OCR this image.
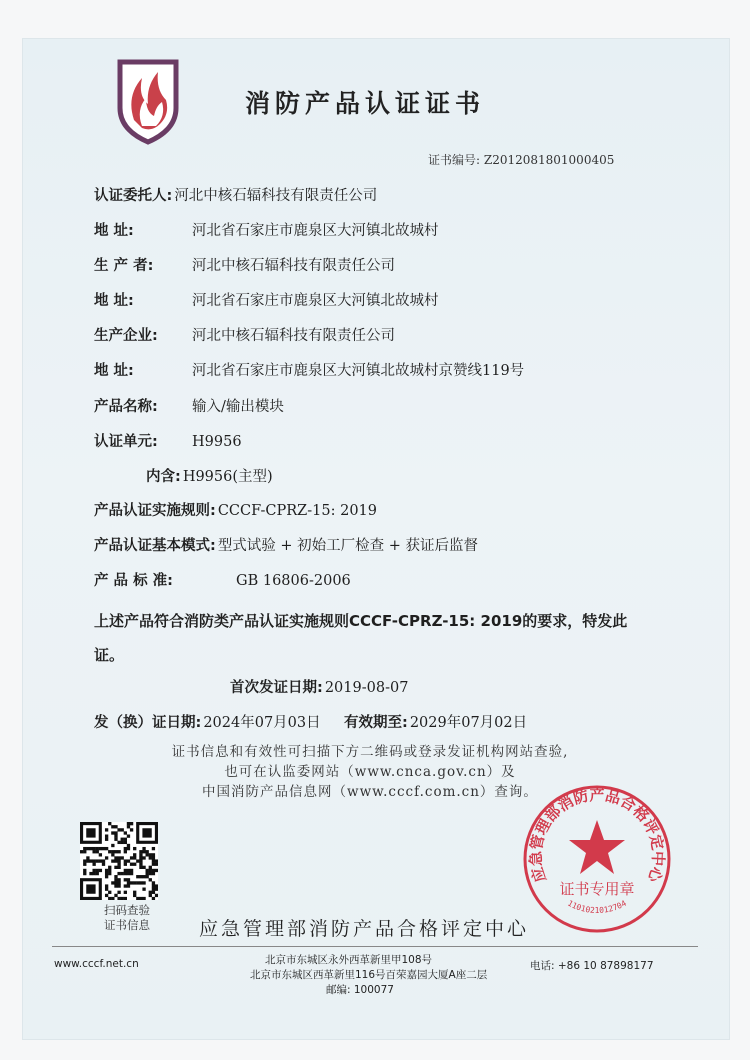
消防产品认证证书
证书编号: Z2012081801000405
认证委托人: 河北中核石辐科技有限责任公司
地 址:	河北省石家庄市鹿泉区大河镇北故城村
生 产 者:	河北中核石辐科技有限责任公司
地 址:	河北省石家庄市鹿泉区大河镇北故城村
生产企业: 河北中核石辐科技有限责任公司
地 址:	河北省石家庄市鹿泉区大河镇北故城村京赞线119号
产品名称: 输入/输出模块
认证单元: H9956
内含: H9956(主型)
产品认证实施规则: CCCF-CPRZ-15: 2019
产品认证基本模式: 型式试验 + 初始工厂检查 + 获证后监督
产 品 标 准:	GB 16806-2006
上述产品符合消防类产品认证实施规则CCCF-CPRZ-15: 2019的要求，特发此证。
首次发证日期: 2019-08-07
发（换）证日期: 2024年07月03日 有效期至: 2029年07月02日
证书信息和有效性可扫描下方二维码或登录发证机构网站查验,
也可在认监委网站（www.cnca.gov.cn）及
中国消防产品信息网（www.cccf.com.cn）查询。
扫码查验
证书信息	应急管理部消防产品合格评定中心
应急管理部消防产品合格评定中心
证书专用章
1101021012704
www.cccf.net.cn	北京市东城区永外西革新里甲108号
北京市东城区西革新里116号百荣嘉园大厦A座二层
邮编: 100077
电话: +86 10 87898177
